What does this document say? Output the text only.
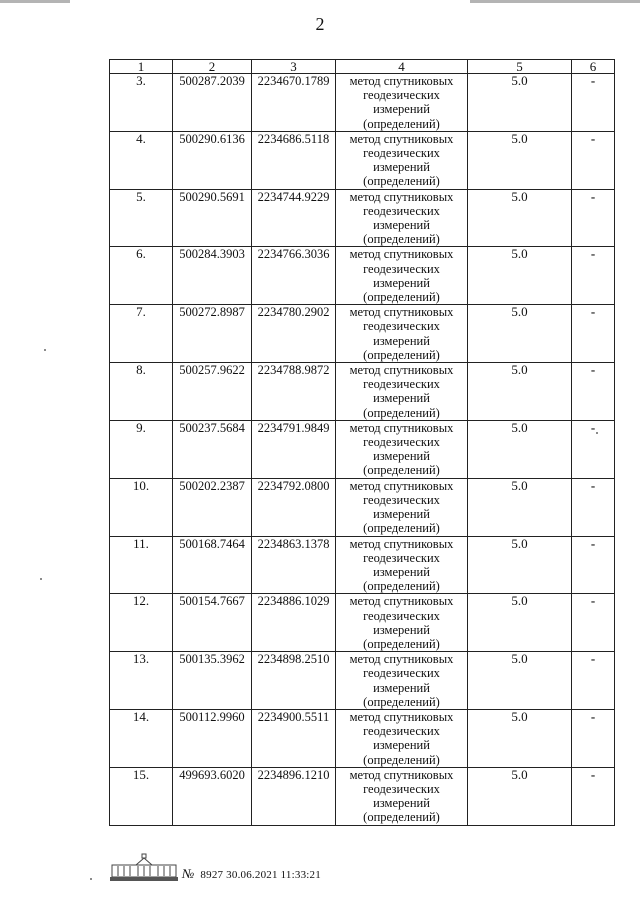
2
1	2	3	4	5	6
3.	500287.2039	2234670.1789	метод спутниковых геодезических измерений (определений)	5.0	-
4.	500290.6136	2234686.5118	метод спутниковых геодезических измерений (определений)	5.0	-
5.	500290.5691	2234744.9229	метод спутниковых геодезических измерений (определений)	5.0	-
6.	500284.3903	2234766.3036	метод спутниковых геодезических измерений (определений)	5.0	-
7.	500272.8987	2234780.2902	метод спутниковых геодезических измерений (определений)	5.0	-
8.	500257.9622	2234788.9872	метод спутниковых геодезических измерений (определений)	5.0	-
9.	500237.5684	2234791.9849	метод спутниковых геодезических измерений (определений)	5.0	-
10.	500202.2387	2234792.0800	метод спутниковых геодезических измерений (определений)	5.0	-
11.	500168.7464	2234863.1378	метод спутниковых геодезических измерений (определений)	5.0	-
12.	500154.7667	2234886.1029	метод спутниковых геодезических измерений (определений)	5.0	-
13.	500135.3962	2234898.2510	метод спутниковых геодезических измерений (определений)	5.0	-
14.	500112.9960	2234900.5511	метод спутниковых геодезических измерений (определений)	5.0	-
15.	499693.6020	2234896.1210	метод спутниковых геодезических измерений (определений)	5.0	-
№ 8927 30.06.2021 11:33:21
